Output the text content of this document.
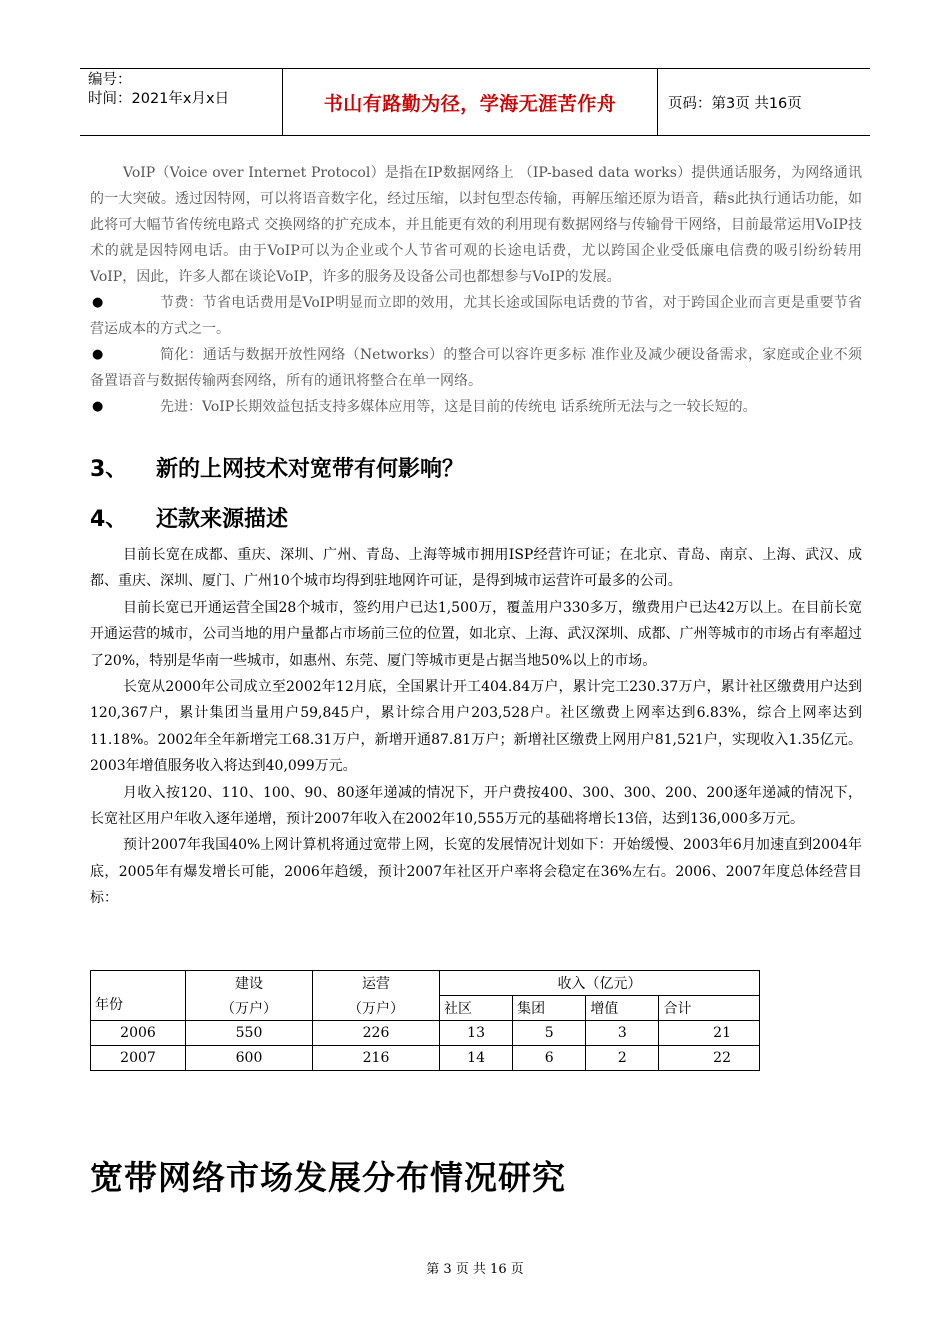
编号：
时间：2021年x月x日	书山有路勤为径，学海无涯苦作舟	页码：第3页 共16页

VoIP（Voice over Internet Protocol）是指在IP数据网络上 （IP-based data works）提供通话服务，为网络通讯的一大突破。透过因特网，可以将语音数字化，经过压缩，以封包型态传输，再解压缩还原为语音，藉s此执行通话功能，如此将可大幅节省传统电路式 交换网络的扩充成本，并且能更有效的利用现有数据网络与传输骨干网络，目前最常运用VoIP技术的就是因特网电话。由于VoIP可以为企业或个人节省可观的长途电话费，尤以跨国企业受低廉电信费的吸引纷纷转用VoIP，因此，许多人都在谈论VoIP，许多的服务及设备公司也都想参与VoIP的发展。

●	节费：节省电话费用是VoIP明显而立即的效用，尤其长途或国际电话费的节省，对于跨国企业而言更是重要节省营运成本的方式之一。

●	简化：通话与数据开放性网络（Networks）的整合可以容许更多标 准作业及减少硬设备需求，家庭或企业不须备置语音与数据传输两套网络，所有的通讯将整合在单一网络。

●	先进：VoIP长期效益包括支持多媒体应用等，这是目前的传统电 话系统所无法与之一较长短的。

3、 新的上网技术对宽带有何影响？
4、 还款来源描述

目前长宽在成都、重庆、深圳、广州、青岛、上海等城市拥用ISP经营许可证；在北京、青岛、南京、上海、武汉、成都、重庆、深圳、厦门、广州10个城市均得到驻地网许可证，是得到城市运营许可最多的公司。

目前长宽已开通运营全国28个城市，签约用户已达1,500万，覆盖用户330多万，缴费用户已达42万以上。在目前长宽开通运营的城市，公司当地的用户量都占市场前三位的位置，如北京、上海、武汉深圳、成都、广州等城市的市场占有率超过了20%，特别是华南一些城市，如惠州、东莞、厦门等城市更是占据当地50%以上的市场。

长宽从2000年公司成立至2002年12月底，全国累计开工404.84万户，累计完工230.37万户，累计社区缴费用户达到120,367户，累计集团当量用户59,845户，累计综合用户203,528户。社区缴费上网率达到6.83%，综合上网率达到11.18%。2002年全年新增完工68.31万户，新增开通87.81万户；新增社区缴费上网用户81,521户，实现收入1.35亿元。2003年增值服务收入将达到40,099万元。

月收入按120、110、100、90、80逐年递减的情况下，开户费按400、300、300、200、200逐年递减的情况下，长宽社区用户年收入逐年递增，预计2007年收入在2002年10,555万元的基础将增长13倍，达到136,000多万元。

预计2007年我国40%上网计算机将通过宽带上网，长宽的发展情况计划如下：开始缓慢、2003年6月加速直到2004年底，2005年有爆发增长可能，2006年趋缓，预计2007年社区开户率将会稳定在36%左右。2006、2007年度总体经营目标：

年份	建设	运营	收入（亿元）			
	（万户）	（万户）	社区	集团	增值	合计
2006	550	226	13	5	3	21
2007	600	216	14	6	2	22
宽带网络市场发展分布情况研究
第 3 页 共 16 页
